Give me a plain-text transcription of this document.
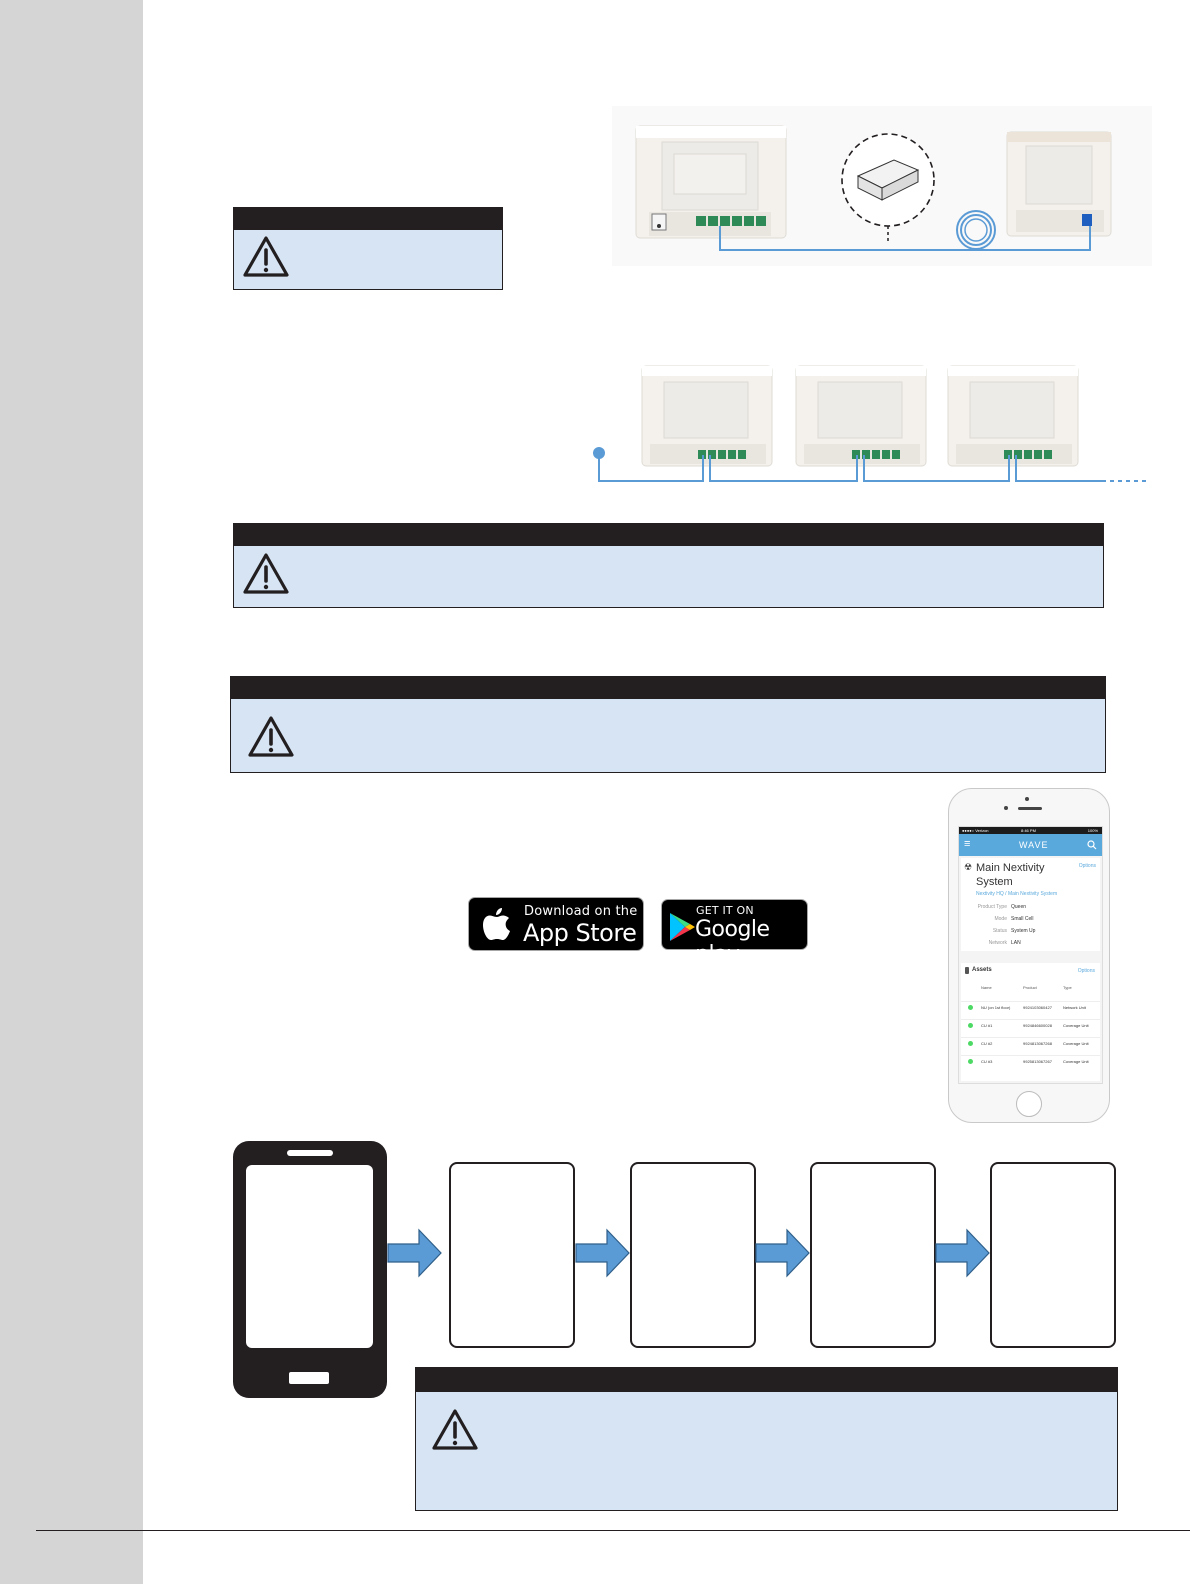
Download on the
App Store
GET IT ON
Google play
●●●●○ Verizon	8:46 PM	100%
≡	WAVE
☢ Main Nextivity System
Options
Nextivity HQ / Main Nextivity System
Product Type Queen
Mode Small Cell
Status System Up
Network LAN
Assets	Options
Name	Product	Type
NU (on 1st floor)	9924103060427	Network Unit
CU #1	9924846600028	Coverage Unit
CU #2	9924813067268	Coverage Unit
CU #3	9925813067267	Coverage Unit
